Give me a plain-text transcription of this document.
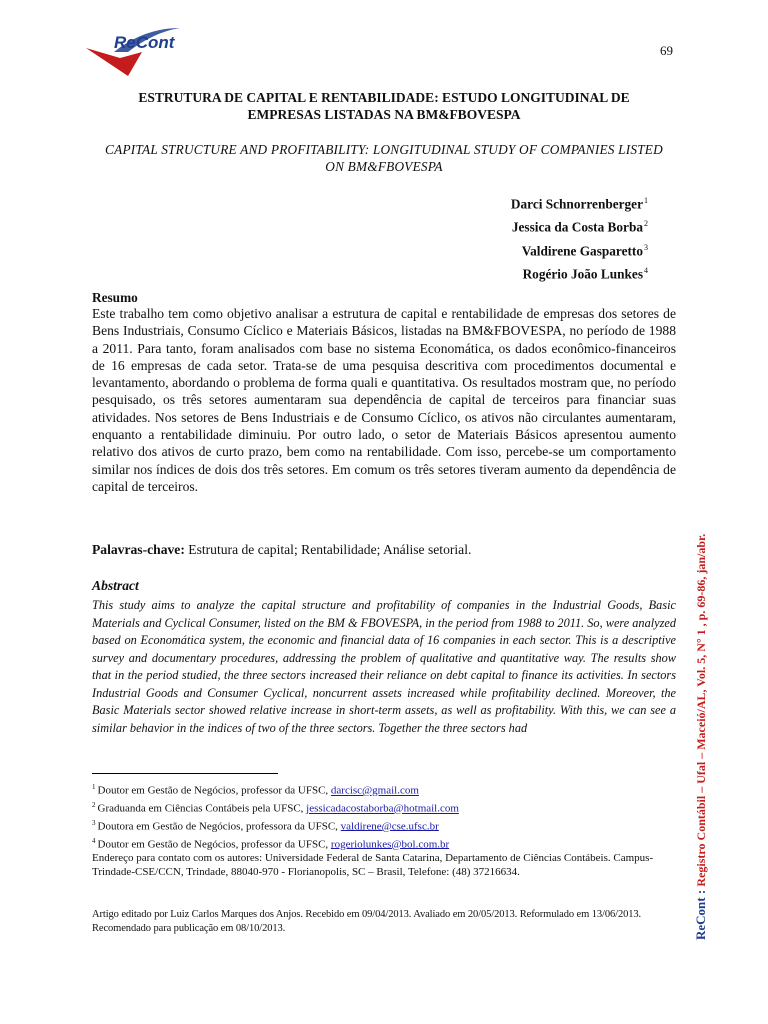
ReCont	69
ESTRUTURA DE CAPITAL E RENTABILIDADE: ESTUDO LONGITUDINAL DE EMPRESAS LISTADAS NA BM&FBOVESPA
CAPITAL STRUCTURE AND PROFITABILITY: LONGITUDINAL STUDY OF COMPANIES LISTED ON BM&FBOVESPA
Darci Schnorrenberger$^1$
Jessica da Costa Borba$^2$
Valdirene Gasparetto$^3$
Rogério João Lunkes$^4$
Resumo
Este trabalho tem como objetivo analisar a estrutura de capital e rentabilidade de empresas dos setores de Bens Industriais, Consumo Cíclico e Materiais Básicos, listadas na BM&FBOVESPA, no período de 1988 a 2011. Para tanto, foram analisados com base no sistema Economática, os dados econômico-financeiros de 16 empresas de cada setor. Trata-se de uma pesquisa descritiva com procedimentos documental e levantamento, abordando o problema de forma quali e quantitativa. Os resultados mostram que, no período pesquisado, os três setores aumentaram sua dependência de capital de terceiros para financiar suas atividades. Nos setores de Bens Industriais e de Consumo Cíclico, os ativos não circulantes aumentaram, enquanto a rentabilidade diminuiu. Por outro lado, o setor de Materiais Básicos apresentou aumento relativo dos ativos de curto prazo, bem como na rentabilidade. Com isso, percebe-se um comportamento similar nos índices de dois dos três setores. Em comum os três setores tiveram aumento da dependência de capital de terceiros.
Palavras-chave: Estrutura de capital; Rentabilidade; Análise setorial.
Abstract
This study aims to analyze the capital structure and profitability of companies in the Industrial Goods, Basic Materials and Cyclical Consumer, listed on the BM & FBOVESPA, in the period from 1988 to 2011. So, were analyzed based on Economática system, the economic and financial data of 16 companies in each sector. This is a descriptive survey and documentary procedures, addressing the problem of qualitative and quantitative way. The results show that in the period studied, the three sectors increased their reliance on debt capital to finance its activities. In sectors Industrial Goods and Consumer Cyclical, noncurrent assets increased while profitability declined. Moreover, the Basic Materials sector showed relative increase in short-term assets, as well as profitability. With this, we can see a similar behavior in the indices of two of the three sectors. Together the three sectors had
$^1$ Doutor em Gestão de Negócios, professor da UFSC, darcisc@gmail.com
$^2$ Graduanda em Ciências Contábeis pela UFSC, jessicadacostaborba@hotmail.com
$^3$ Doutora em Gestão de Negócios, professora da UFSC, valdirene@cse.ufsc.br
$^4$ Doutor em Gestão de Negócios, professor da UFSC, rogeriolunkes@bol.com.br
Endereço para contato com os autores: Universidade Federal de Santa Catarina, Departamento de Ciências Contábeis. Campus-Trindade-CSE/CCN, Trindade, 88040-970 - Florianopolis, SC – Brasil, Telefone: (48) 37216634.
Artigo editado por Luiz Carlos Marques dos Anjos. Recebido em 09/04/2013. Avaliado em 20/05/2013. Reformulado em 13/06/2013. Recomendado para publicação em 08/10/2013.	ReCont : Registro Contábil – Ufal – Maceió/AL, Vol. 5, N° 1 , p. 69-86, jan/abr.
